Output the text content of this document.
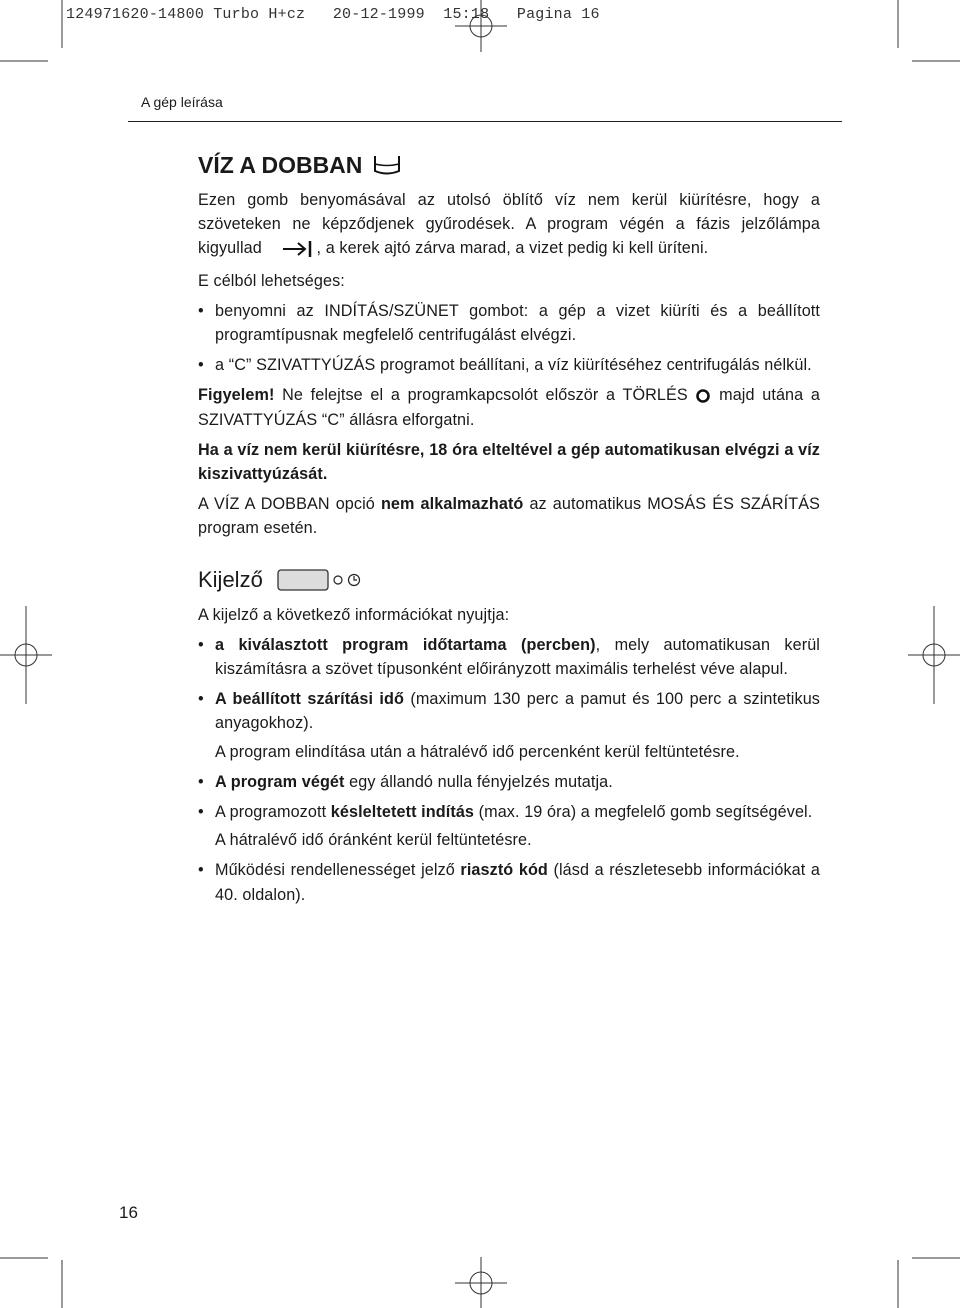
124971620-14800 Turbo H+cz   20-12-1999  15:18   Pagina 16
A gép leírása
VÍZ A DOBBAN

Ezen gomb benyomásával az utolsó öblítő víz nem kerül kiürítésre, hogy a szöveteken ne képződjenek gyűrodések. A program végén a fázis jelzőlámpa kigyullad	, a kerek ajtó zárva marad, a vizet pedig ki kell üríteni.

E célból lehetséges:

• benyomni az INDÍTÁS/SZÜNET gombot: a gép a vizet kiüríti és a beállított programtípusnak megfelelő centrifugálást elvégzi.
• a “C” SZIVATTYÚZÁS programot beállítani, a víz kiürítéséhez centrifugálás nélkül.

Figyelem! Ne felejtse el a programkapcsolót először a TÖRLÉS  majd utána a SZIVATTYÚZÁS “C” állásra elforgatni.

Ha a víz nem kerül kiürítésre, 18 óra elteltével a gép automatikusan elvégzi a víz kiszivattyúzását.

A VÍZ A DOBBAN opció nem alkalmazható az automatikus MOSÁS ÉS SZÁRÍTÁS program esetén.

Kijelző

A kijelző a következő információkat nyujtja:

• a kiválasztott program időtartama (percben), mely automatikusan kerül kiszámításra a szövet típusonként előirányzott maximális terhelést véve alapul.
• A beállított szárítási idő (maximum 130 perc a pamut és 100 perc a szintetikus anyagokhoz).
A program elindítása után a hátralévő idő percenként kerül feltüntetésre.
• A program végét egy állandó nulla fényjelzés mutatja.
• A programozott késleltetett indítás (max. 19 óra) a megfelelő gomb segítségével.
A hátralévő idő óránként kerül feltüntetésre.
• Működési rendellenességet jelző riasztó kód (lásd a részletesebb információkat a 40. oldalon).
16
